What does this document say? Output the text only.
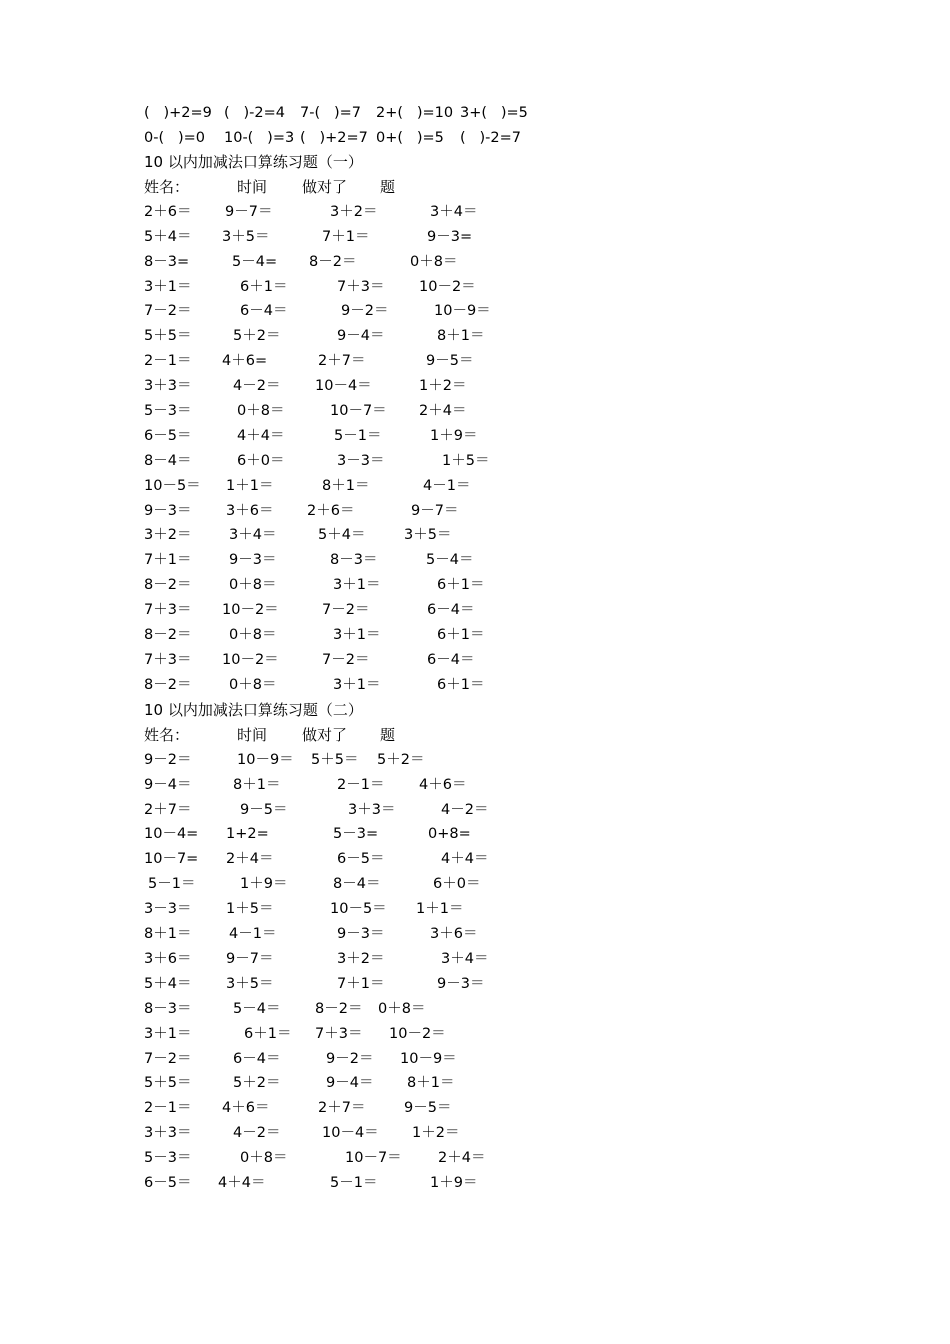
(   )+2=9 (   )-2=4 7-(   )=7 2+(   )=10 3+(   )=5
0-(   )=0 10-(   )=3 (   )+2=7 0+(   )=5 (   )-2=7
10 以内加减法口算练习题（一）
姓名：	时间 做对了 题
2＋6＝ 9－7＝	3＋2＝	3＋4＝
5＋4＝ 3＋5＝	7＋1＝	9－3=
8－3=	5－4= 8－2＝	0＋8＝
3＋1＝	6＋1＝	7＋3＝ 10－2＝
7－2＝	6－4＝	9－2＝	10－9＝
5＋5＝	5＋2＝	9－4＝	8＋1＝
2－1＝ 4＋6=	2＋7＝	9－5＝
3＋3＝	4－2＝ 10－4＝	1＋2＝
5－3＝	0＋8＝	10－7＝ 2＋4＝
6－5＝	4＋4＝	5－1＝	1＋9＝
8－4＝	6＋0＝	3－3＝	1＋5＝
10－5＝ 1＋1＝	8＋1＝	4－1＝
9－3＝ 3＋6＝ 2＋6＝	9－7＝
3＋2＝	3＋4＝	5＋4＝	3＋5＝
7＋1＝	9－3＝	8－3＝	5－4＝
8－2＝	0＋8＝	3＋1＝	6＋1＝
7＋3＝ 10－2＝	7－2＝	6－4＝
8－2＝	0＋8＝	3＋1＝	6＋1＝
7＋3＝ 10－2＝	7－2＝	6－4＝
8－2＝	0＋8＝	3＋1＝	6＋1＝
10 以内加减法口算练习题（二）
姓名：	时间 做对了 题
9－2＝	10－9＝ 5＋5＝ 5＋2＝
9－4＝	8＋1＝	2－1＝ 4＋6＝
2＋7＝	9－5＝	3＋3＝	4－2＝
10－4= 1+2=	5－3=	0+8=
10－7= 2＋4＝	6－5＝	4＋4＝
5－1＝	1＋9＝	8－4＝	6＋0＝
3－3＝ 1＋5＝	10－5＝ 1＋1＝
8＋1＝	4－1＝	9－3＝	3＋6＝
3＋6＝ 9－7＝	3＋2＝	3＋4＝
5＋4＝ 3＋5＝	7＋1＝	9－3＝
8－3＝	5－4＝ 8－2＝ 0＋8＝
3＋1＝	6＋1＝ 7＋3＝ 10－2＝
7－2＝	6－4＝	9－2＝ 10－9＝
5＋5＝	5＋2＝	9－4＝ 8＋1＝
2－1＝ 4＋6＝	2＋7＝	9－5＝
3＋3＝	4－2＝	10－4＝ 1＋2＝
5－3＝	0＋8＝	10－7＝	2＋4＝
6－5＝ 4＋4＝	5－1＝	1＋9＝
